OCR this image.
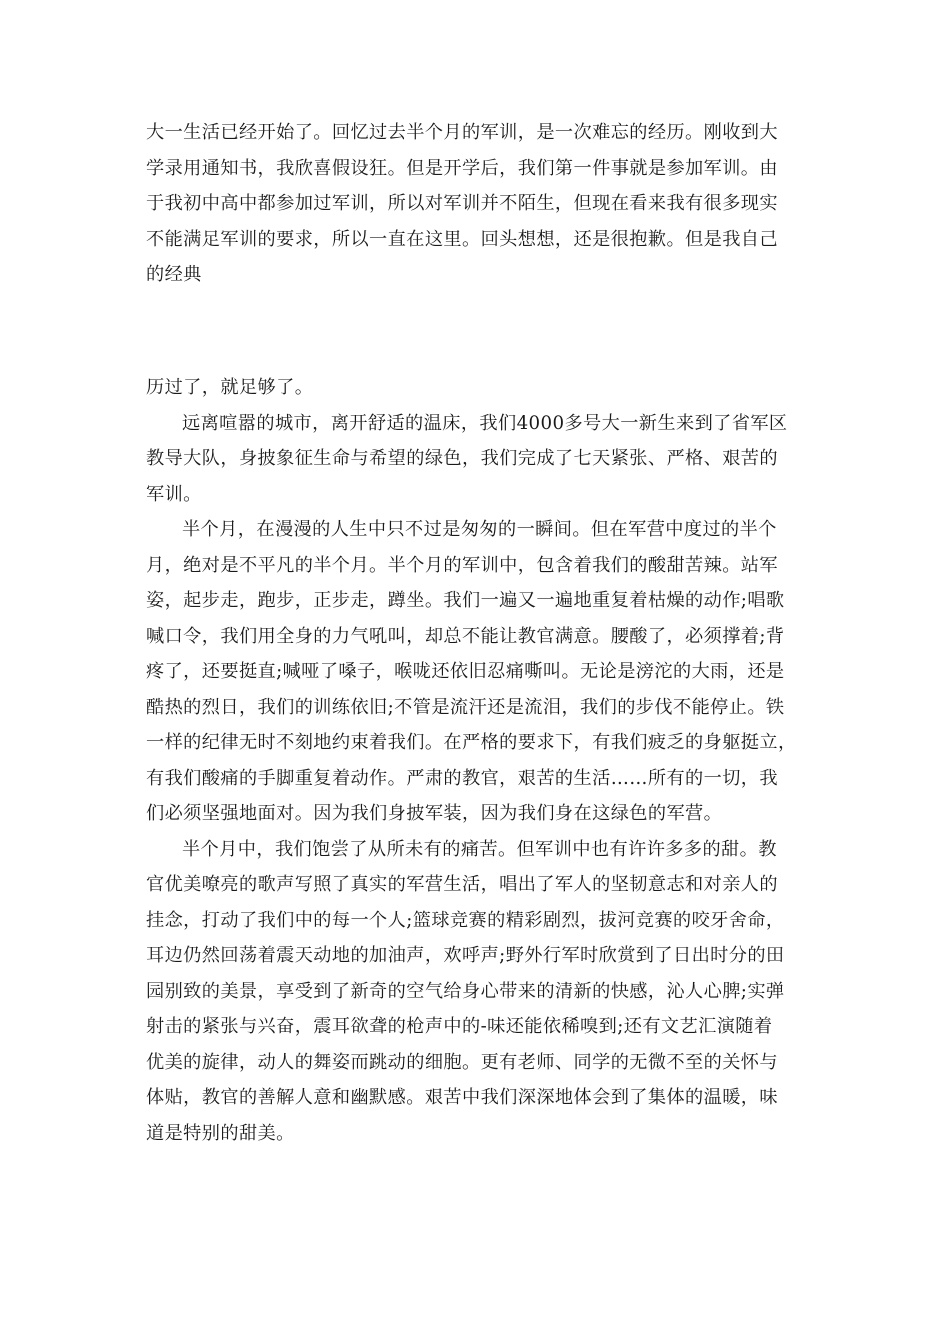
大一生活已经开始了。回忆过去半个月的军训，是一次难忘的经历。刚收到大
学录用通知书，我欣喜假设狂。但是开学后，我们第一件事就是参加军训。由
于我初中高中都参加过军训，所以对军训并不陌生，但现在看来我有很多现实
不能满足军训的要求，所以一直在这里。回头想想，还是很抱歉。但是我自己
的经典
历过了，就足够了。
远离喧嚣的城市，离开舒适的温床，我们4000多号大一新生来到了省军区
教导大队，身披象征生命与希望的绿色，我们完成了七天紧张、严格、艰苦的
军训。
半个月，在漫漫的人生中只不过是匆匆的一瞬间。但在军营中度过的半个
月，绝对是不平凡的半个月。半个月的军训中，包含着我们的酸甜苦辣。站军
姿，起步走，跑步，正步走，蹲坐。我们一遍又一遍地重复着枯燥的动作;唱歌
喊口令，我们用全身的力气吼叫，却总不能让教官满意。腰酸了，必须撑着;背
疼了，还要挺直;喊哑了嗓子，喉咙还依旧忍痛嘶叫。无论是滂沱的大雨，还是
酷热的烈日，我们的训练依旧;不管是流汗还是流泪，我们的步伐不能停止。铁
一样的纪律无时不刻地约束着我们。在严格的要求下，有我们疲乏的身躯挺立，
有我们酸痛的手脚重复着动作。严肃的教官，艰苦的生活……所有的一切，我
们必须坚强地面对。因为我们身披军装，因为我们身在这绿色的军营。
半个月中，我们饱尝了从所未有的痛苦。但军训中也有许许多多的甜。教
官优美嘹亮的歌声写照了真实的军营生活，唱出了军人的坚韧意志和对亲人的
挂念，打动了我们中的每一个人;篮球竞赛的精彩剧烈，拔河竞赛的咬牙舍命，
耳边仍然回荡着震天动地的加油声，欢呼声;野外行军时欣赏到了日出时分的田
园别致的美景，享受到了新奇的空气给身心带来的清新的快感，沁人心脾;实弹
射击的紧张与兴奋，震耳欲聋的枪声中的-味还能依稀嗅到;还有文艺汇演随着
优美的旋律，动人的舞姿而跳动的细胞。更有老师、同学的无微不至的关怀与
体贴，教官的善解人意和幽默感。艰苦中我们深深地体会到了集体的温暖，味
道是特别的甜美。
